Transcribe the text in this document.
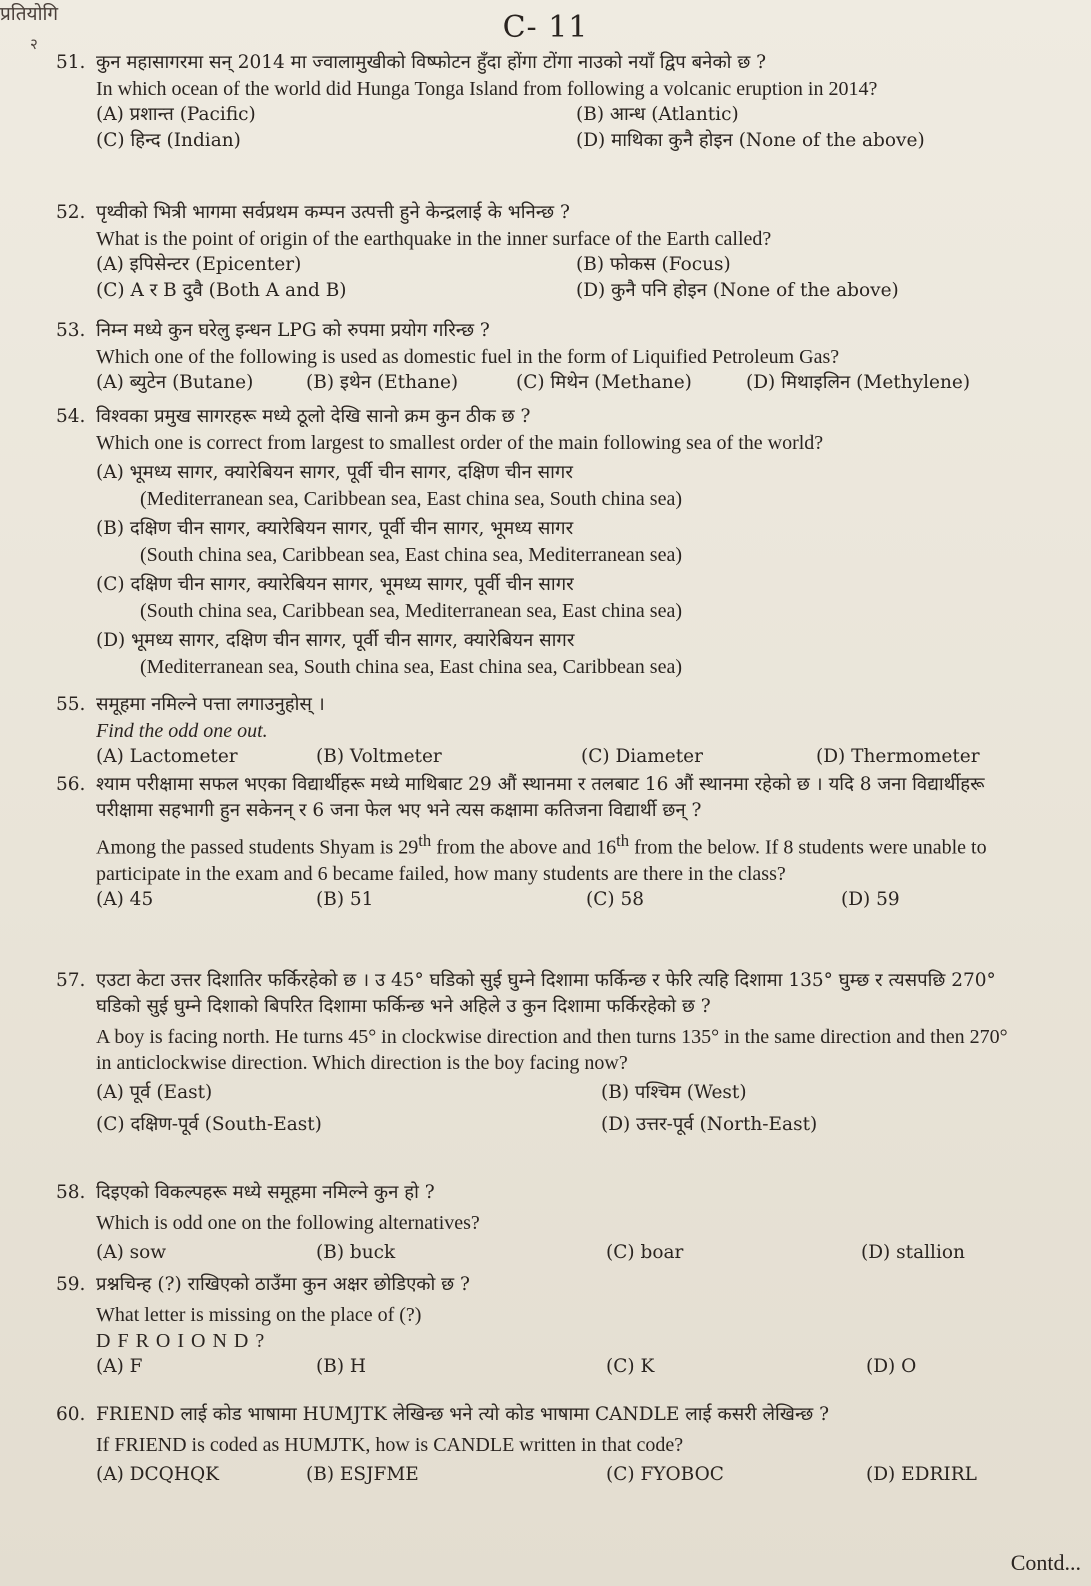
प्रतियोगि
२	C- 11
51. कुन महासागरमा सन् 2014 मा ज्वालामुखीको विष्फोटन हुँदा होंगा टोंगा नाउको नयाँ द्विप बनेको छ ?
In which ocean of the world did Hunga Tonga Island from following a volcanic eruption in 2014?
(A) प्रशान्त (Pacific)	(B) आन्ध (Atlantic)
(C) हिन्द (Indian)	(D) माथिका कुनै होइन (None of the above)
52. पृथ्वीको भित्री भागमा सर्वप्रथम कम्पन उत्पत्ती हुने केन्द्रलाई के भनिन्छ ?
What is the point of origin of the earthquake in the inner surface of the Earth called?
(A) इपिसेन्टर (Epicenter)	(B) फोकस (Focus)
(C) A र B दुवै (Both A and B)	(D) कुनै पनि होइन (None of the above)
53. निम्न मध्ये कुन घरेलु इन्धन LPG को रुपमा प्रयोग गरिन्छ ?
Which one of the following is used as domestic fuel in the form of Liquified Petroleum Gas?
(A) ब्युटेन (Butane)	(B) इथेन (Ethane)	(C) मिथेन (Methane)	(D) मिथाइलिन (Methylene)
54. विश्वका प्रमुख सागरहरू मध्ये ठूलो देखि सानो क्रम कुन ठीक छ ?
Which one is correct from largest to smallest order of the main following sea of the world?
(A) भूमध्य सागर, क्यारेबियन सागर, पूर्वी चीन सागर, दक्षिण चीन सागर
(Mediterranean sea, Caribbean sea, East china sea, South china sea)
(B) दक्षिण चीन सागर, क्यारेबियन सागर, पूर्वी चीन सागर, भूमध्य सागर
(South china sea, Caribbean sea, East china sea, Mediterranean sea)
(C) दक्षिण चीन सागर, क्यारेबियन सागर, भूमध्य सागर, पूर्वी चीन सागर
(South china sea, Caribbean sea, Mediterranean sea, East china sea)
(D) भूमध्य सागर, दक्षिण चीन सागर, पूर्वी चीन सागर, क्यारेबियन सागर
(Mediterranean sea, South china sea, East china sea, Caribbean sea)
55. समूहमा नमिल्ने पत्ता लगाउनुहोस् ।
Find the odd one out.
(A) Lactometer	(B) Voltmeter	(C) Diameter	(D) Thermometer
56. श्याम परीक्षामा सफल भएका विद्यार्थीहरू मध्ये माथिबाट 29 औं स्थानमा र तलबाट 16 औं स्थानमा रहेको छ । यदि 8 जना विद्यार्थीहरू परीक्षामा सहभागी हुन सकेनन् र 6 जना फेल भए भने त्यस कक्षामा कतिजना विद्यार्थी छन् ?
Among the passed students Shyam is 29th from the above and 16th from the below. If 8 students were unable to participate in the exam and 6 became failed, how many students are there in the class?
(A) 45	(B) 51	(C) 58	(D) 59
57. एउटा केटा उत्तर दिशातिर फर्किरहेको छ । उ 45° घडिको सुई घुम्ने दिशामा फर्किन्छ र फेरि त्यहि दिशामा 135° घुम्छ र त्यसपछि 270° घडिको सुई घुम्ने दिशाको बिपरित दिशामा फर्किन्छ भने अहिले उ कुन दिशामा फर्किरहेको छ ?
A boy is facing north. He turns 45° in clockwise direction and then turns 135° in the same direction and then 270° in anticlockwise direction. Which direction is the boy facing now?
(A) पूर्व (East)	(B) पश्चिम (West)
(C) दक्षिण-पूर्व (South-East)	(D) उत्तर-पूर्व (North-East)
58. दिइएको विकल्पहरू मध्ये समूहमा नमिल्ने कुन हो ?
Which is odd one on the following alternatives?
(A) sow	(B) buck	(C) boar	(D) stallion
59. प्रश्नचिन्ह (?) राखिएको ठाउँमा कुन अक्षर छोडिएको छ ?
What letter is missing on the place of (?)
D F R O I O N D ?
(A) F	(B) H	(C) K	(D) O
60. FRIEND लाई कोड भाषामा HUMJTK लेखिन्छ भने त्यो कोड भाषामा CANDLE लाई कसरी लेखिन्छ ?
If FRIEND is coded as HUMJTK, how is CANDLE written in that code?
(A) DCQHQK	(B) ESJFME	(C) FYOBOC	(D) EDRIRL
Contd...
